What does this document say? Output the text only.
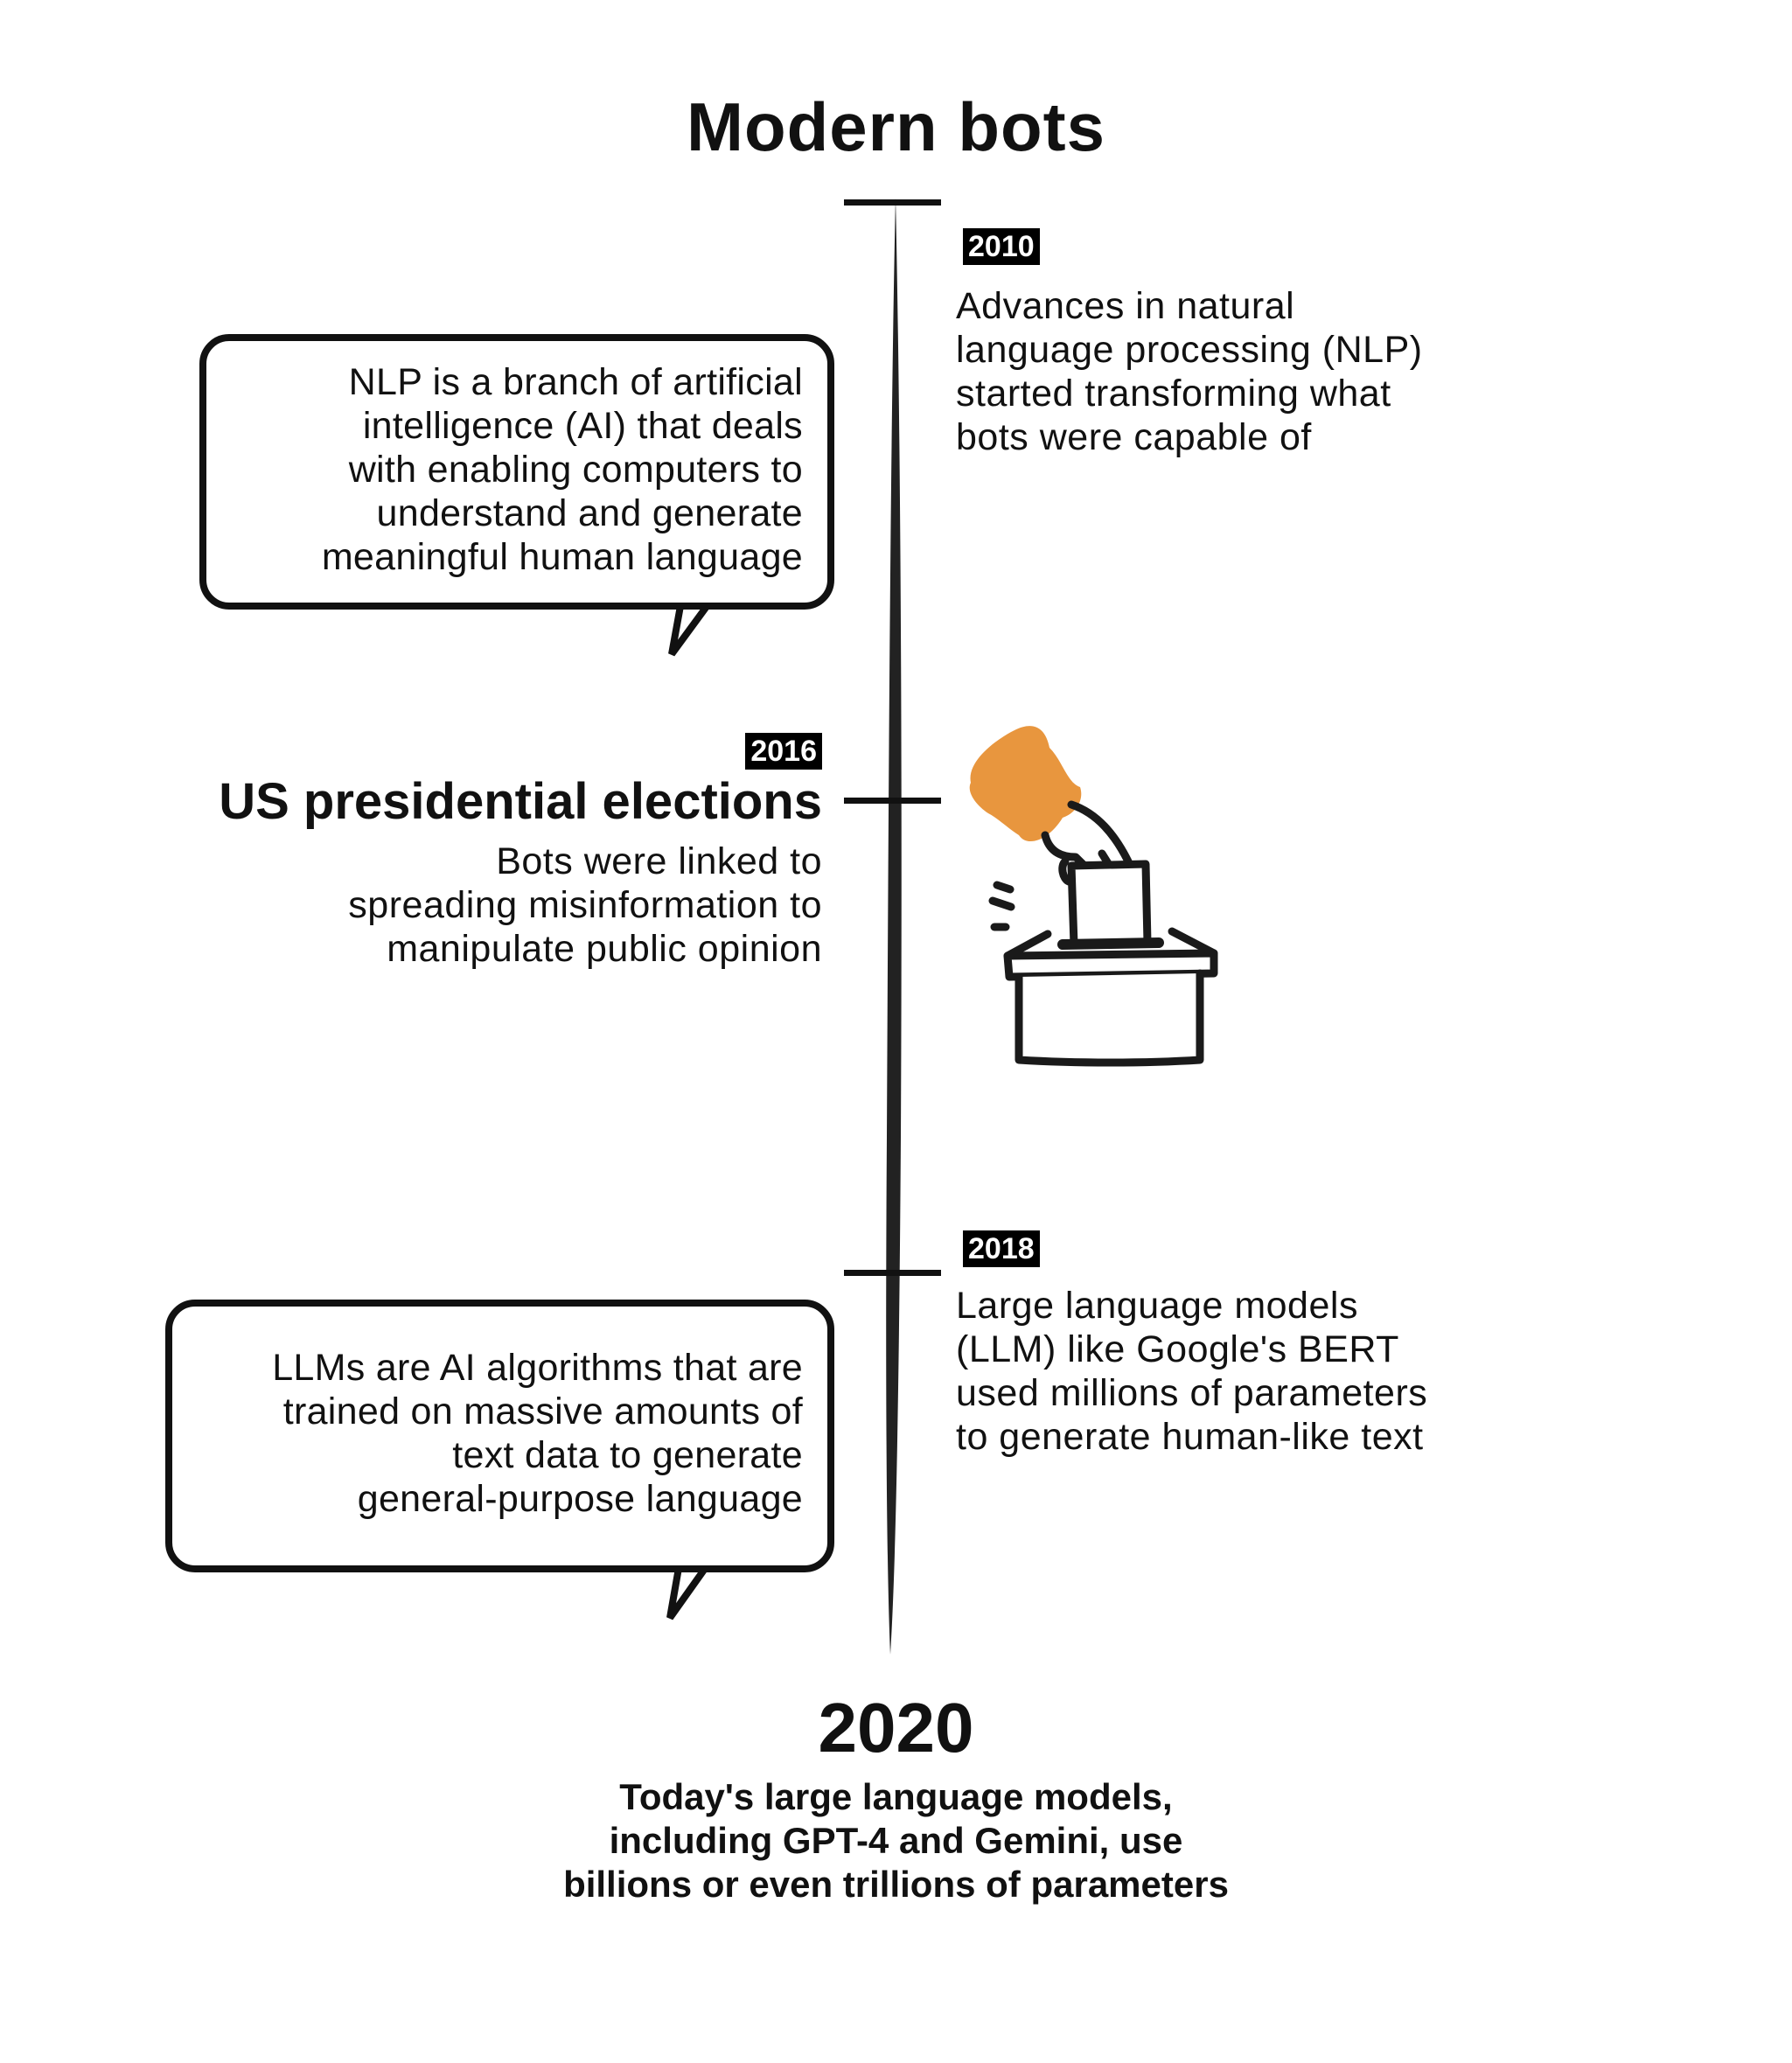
Modern bots
2010
Advances in natural
language processing (NLP)
started transforming what
bots were capable of
NLP is a branch of artificial
intelligence (AI) that deals
with enabling computers to
understand and generate
meaningful human language
2016
US presidential elections
Bots were linked to
spreading misinformation to
manipulate public opinion
2018
Large language models
(LLM) like Google's BERT
used millions of parameters
to generate human-like text
LLMs are AI algorithms that are
trained on massive amounts of
text data to generate
general-purpose language
2020
Today's large language models,
including GPT-4 and Gemini, use
billions or even trillions of parameters
